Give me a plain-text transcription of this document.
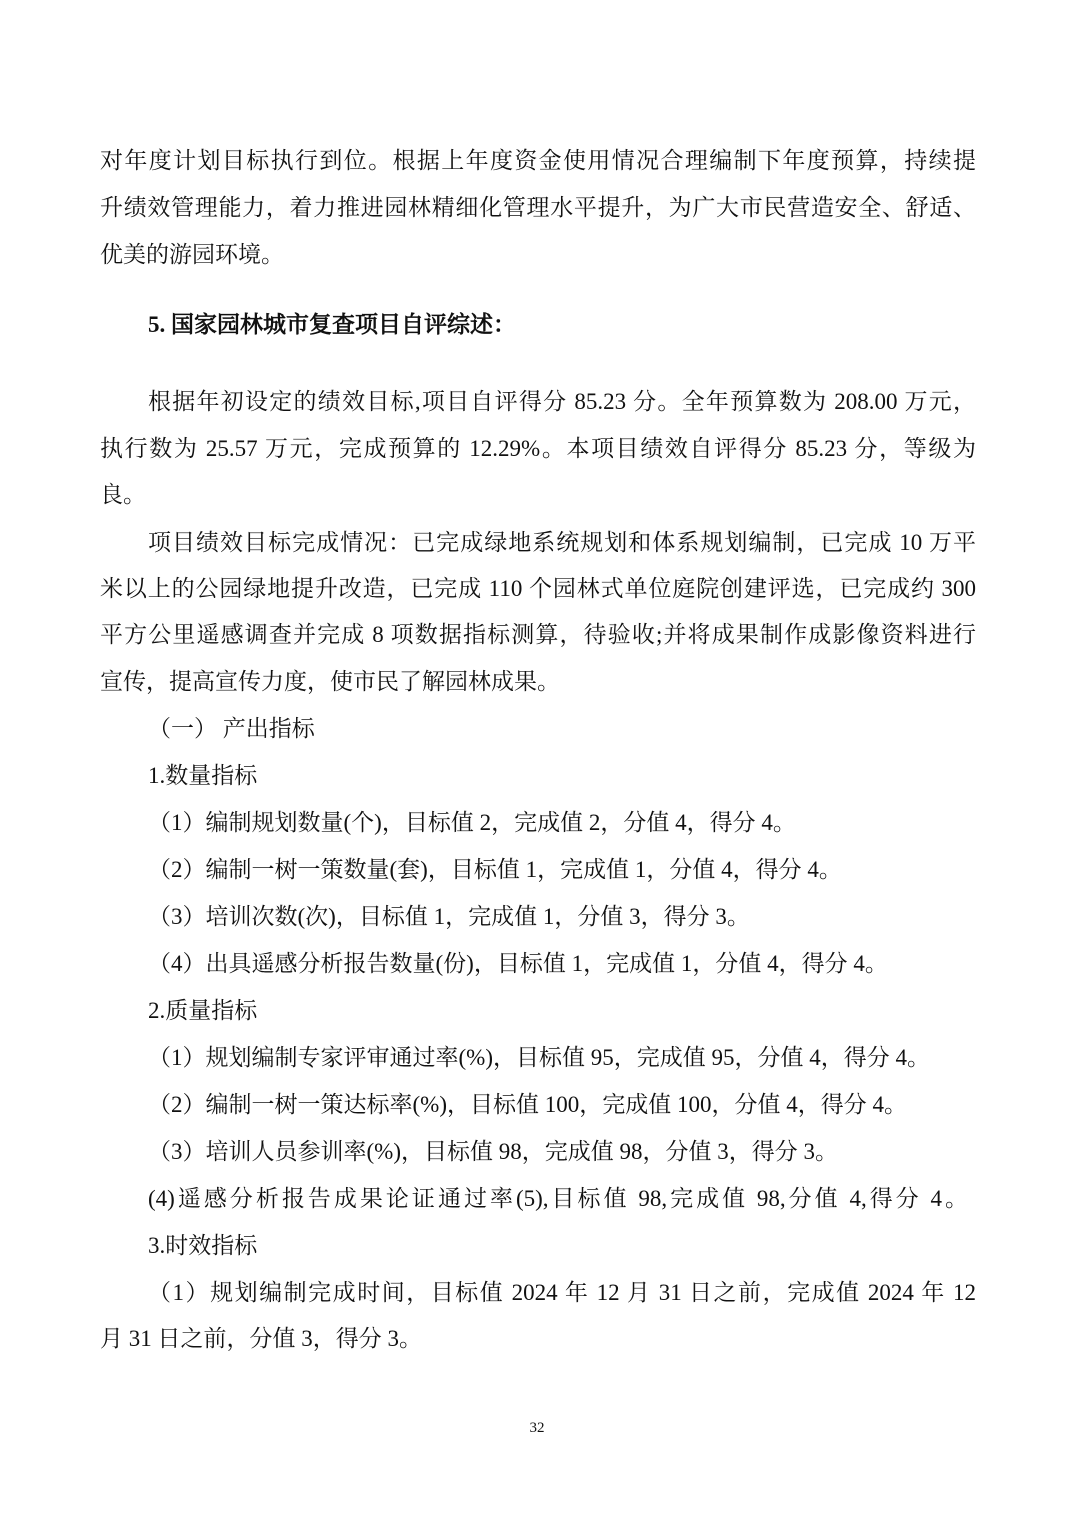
对年度计划目标执行到位。根据上年度资金使用情况合理编制下年度预算，持续提
升绩效管理能力，着力推进园林精细化管理水平提升，为广大市民营造安全、舒适、
优美的游园环境。
5. 国家园林城市复查项目自评综述：
根据年初设定的绩效目标,项目自评得分 85.23 分。全年预算数为 208.00 万元，
执行数为 25.57 万元，完成预算的 12.29%。本项目绩效自评得分 85.23 分，等级为
良。
项目绩效目标完成情况：已完成绿地系统规划和体系规划编制，已完成 10 万平
米以上的公园绿地提升改造，已完成 110 个园林式单位庭院创建评选，已完成约 300
平方公里遥感调查并完成 8 项数据指标测算，待验收;并将成果制作成影像资料进行
宣传，提高宣传力度，使市民了解园林成果。
（一） 产出指标
1.数量指标
（1）编制规划数量(个)，目标值 2，完成值 2，分值 4，得分 4。
（2）编制一树一策数量(套)，目标值 1，完成值 1，分值 4，得分 4。
（3）培训次数(次)，目标值 1，完成值 1，分值 3，得分 3。
（4）出具遥感分析报告数量(份)，目标值 1，完成值 1，分值 4，得分 4。
2.质量指标
（1）规划编制专家评审通过率(%)，目标值 95，完成值 95，分值 4，得分 4。
（2）编制一树一策达标率(%)，目标值 100，完成值 100，分值 4，得分 4。
（3）培训人员参训率(%)，目标值 98，完成值 98，分值 3，得分 3。
(4)遥感分析报告成果论证通过率(5),目标值 98,完成值 98,分值 4,得分 4。
3.时效指标
（1）规划编制完成时间，目标值 2024 年 12 月 31 日之前，完成值 2024 年 12
月 31 日之前，分值 3，得分 3。
32
